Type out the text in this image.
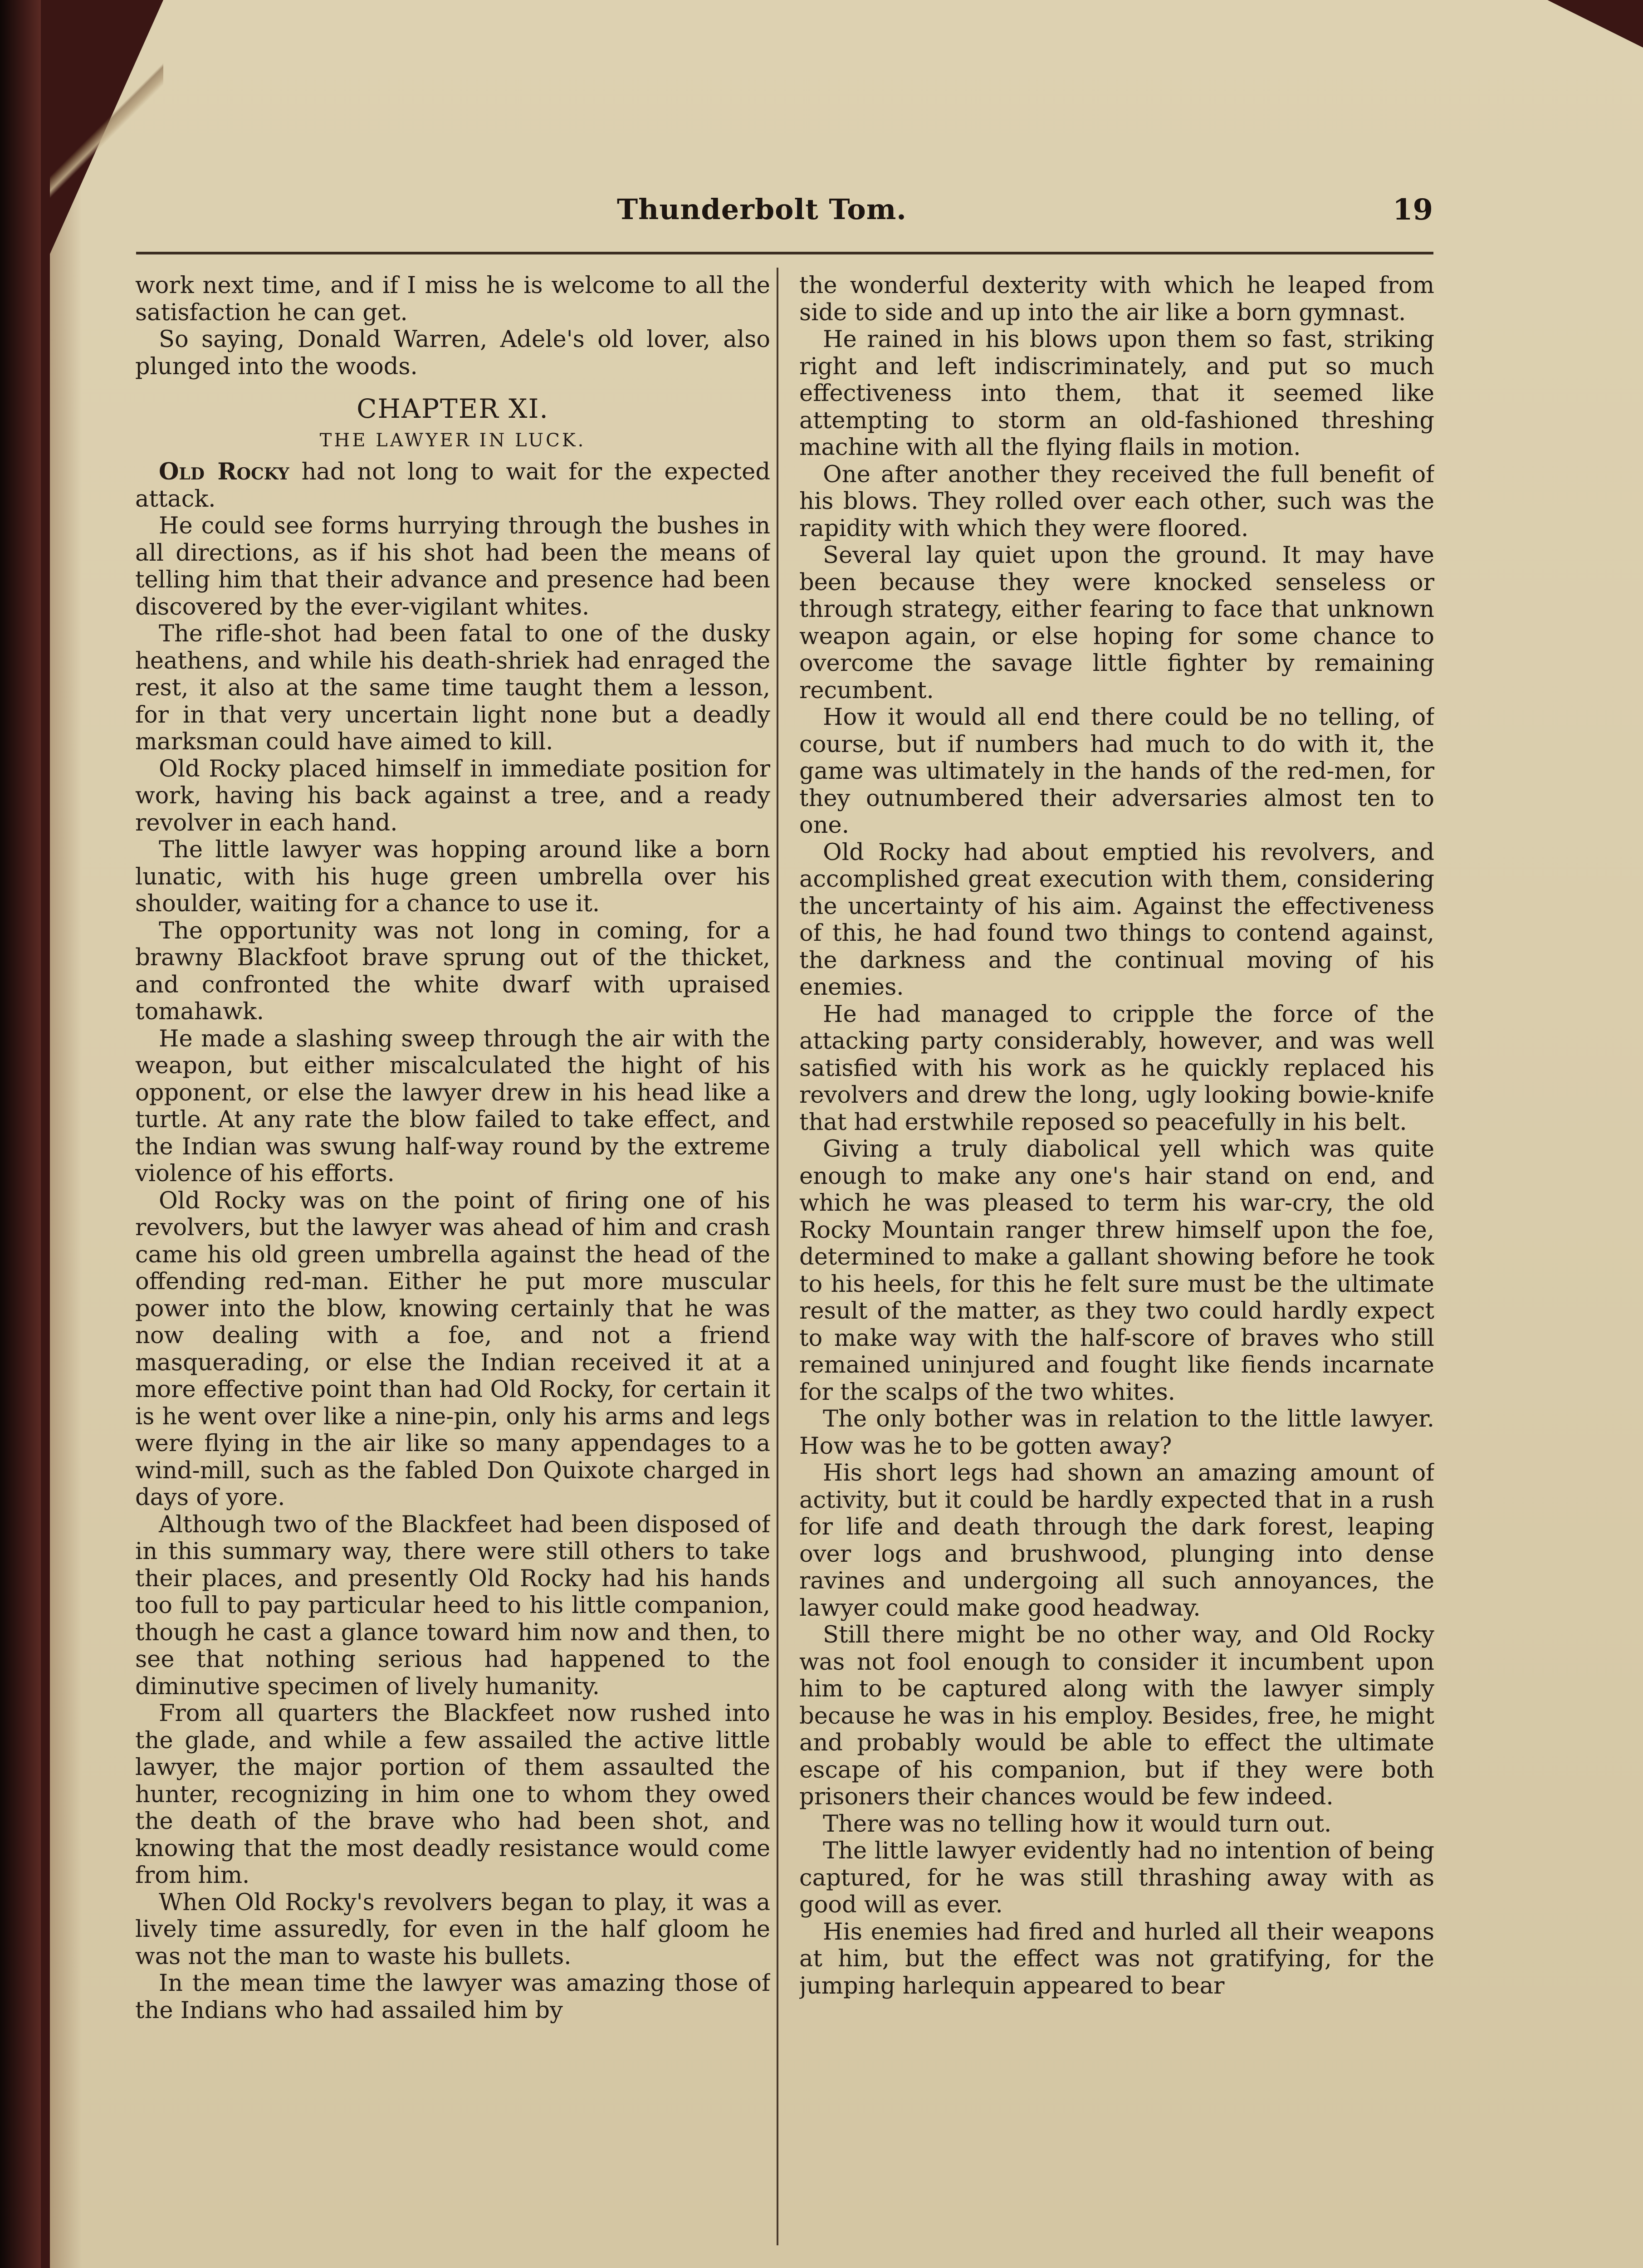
Thunderbolt Tom.	19

work next time, and if I miss he is welcome to all the satisfaction he can get.

So saying, Donald Warren, Adele's old lover, also plunged into the woods.

CHAPTER XI.
THE LAWYER IN LUCK.

Old Rocky had not long to wait for the expected attack.

He could see forms hurrying through the bushes in all directions, as if his shot had been the means of telling him that their advance and presence had been discovered by the ever-vigilant whites.

The rifle-shot had been fatal to one of the dusky heathens, and while his death-shriek had enraged the rest, it also at the same time taught them a lesson, for in that very uncertain light none but a deadly marksman could have aimed to kill.

Old Rocky placed himself in immediate position for work, having his back against a tree, and a ready revolver in each hand.

The little lawyer was hopping around like a born lunatic, with his huge green umbrella over his shoulder, waiting for a chance to use it.

The opportunity was not long in coming, for a brawny Blackfoot brave sprung out of the thicket, and confronted the white dwarf with upraised tomahawk.

He made a slashing sweep through the air with the weapon, but either miscalculated the hight of his opponent, or else the lawyer drew in his head like a turtle. At any rate the blow failed to take effect, and the Indian was swung half-way round by the extreme violence of his efforts.

Old Rocky was on the point of firing one of his revolvers, but the lawyer was ahead of him and crash came his old green umbrella against the head of the offending red-man. Either he put more muscular power into the blow, knowing certainly that he was now dealing with a foe, and not a friend masquerading, or else the Indian received it at a more effective point than had Old Rocky, for certain it is he went over like a nine-pin, only his arms and legs were flying in the air like so many appendages to a wind-mill, such as the fabled Don Quixote charged in days of yore.

Although two of the Blackfeet had been disposed of in this summary way, there were still others to take their places, and presently Old Rocky had his hands too full to pay particular heed to his little companion, though he cast a glance toward him now and then, to see that nothing serious had happened to the diminutive specimen of lively humanity.

From all quarters the Blackfeet now rushed into the glade, and while a few assailed the active little lawyer, the major portion of them assaulted the hunter, recognizing in him one to whom they owed the death of the brave who had been shot, and knowing that the most deadly resistance would come from him.

When Old Rocky's revolvers began to play, it was a lively time assuredly, for even in the half gloom he was not the man to waste his bullets.

In the mean time the lawyer was amazing those of the Indians who had assailed him by

the wonderful dexterity with which he leaped from side to side and up into the air like a born gymnast.

He rained in his blows upon them so fast, striking right and left indiscriminately, and put so much effectiveness into them, that it seemed like attempting to storm an old-fashioned threshing machine with all the flying flails in motion.

One after another they received the full benefit of his blows. They rolled over each other, such was the rapidity with which they were floored.

Several lay quiet upon the ground. It may have been because they were knocked senseless or through strategy, either fearing to face that unknown weapon again, or else hoping for some chance to overcome the savage little fighter by remaining recumbent.

How it would all end there could be no telling, of course, but if numbers had much to do with it, the game was ultimately in the hands of the red-men, for they outnumbered their adversaries almost ten to one.

Old Rocky had about emptied his revolvers, and accomplished great execution with them, considering the uncertainty of his aim. Against the effectiveness of this, he had found two things to contend against, the darkness and the continual moving of his enemies.

He had managed to cripple the force of the attacking party considerably, however, and was well satisfied with his work as he quickly replaced his revolvers and drew the long, ugly looking bowie-knife that had erstwhile reposed so peacefully in his belt.

Giving a truly diabolical yell which was quite enough to make any one's hair stand on end, and which he was pleased to term his war-cry, the old Rocky Mountain ranger threw himself upon the foe, determined to make a gallant showing before he took to his heels, for this he felt sure must be the ultimate result of the matter, as they two could hardly expect to make way with the half-score of braves who still remained uninjured and fought like fiends incarnate for the scalps of the two whites.

The only bother was in relation to the little lawyer. How was he to be gotten away?

His short legs had shown an amazing amount of activity, but it could be hardly expected that in a rush for life and death through the dark forest, leaping over logs and brushwood, plunging into dense ravines and undergoing all such annoyances, the lawyer could make good headway.

Still there might be no other way, and Old Rocky was not fool enough to consider it incumbent upon him to be captured along with the lawyer simply because he was in his employ. Besides, free, he might and probably would be able to effect the ultimate escape of his companion, but if they were both prisoners their chances would be few indeed.

There was no telling how it would turn out.

The little lawyer evidently had no intention of being captured, for he was still thrashing away with as good will as ever.

His enemies had fired and hurled all their weapons at him, but the effect was not gratifying, for the jumping harlequin appeared to bear
